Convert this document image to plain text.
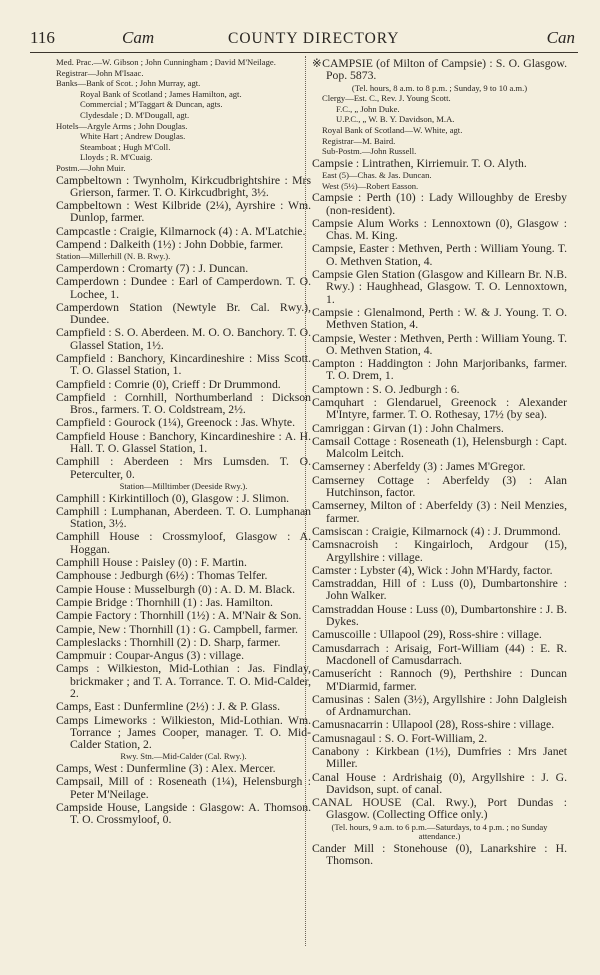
116	Cam	COUNTY DIRECTORY	Can

Med. Prac.—W. Gibson ; John Cunningham ; David M'Neilage.

Registrar—John M'Isaac.

Banks—Bank of Scot. ; John Murray, agt.

Royal Bank of Scotland ; James Hamilton, agt.

Commercial ; M'Taggart & Duncan, agts.

Clydesdale ; D. M'Dougall, agt.

Hotels—Argyle Arms ; John Douglas.

White Hart ; Andrew Douglas.

Steamboat ; Hugh M'Coll.

Lloyds ; R. M'Cuaig.

Postm.—John Muir.

Campbeltown : Twynholm, Kirkcudbrightshire : Mrs Grierson, farmer. T. O. Kirkcudbright, 3½.

Campbeltown : West Kilbride (2¼), Ayrshire : Wm. Dunlop, farmer.

Campcastle : Craigie, Kilmarnock (4) : A. M'Latchie.

Campend : Dalkeith (1½) : John Dobbie, farmer.

Station—Millerhill (N. B. Rwy.).

Camperdown : Cromarty (7) : J. Duncan.

Camperdown : Dundee : Earl of Camperdown. T. O. Lochee, 1.

Camperdown Station (Newtyle Br. Cal. Rwy.), Dundee.

Campfield : S. O. Aberdeen. M. O. O. Banchory. T. O. Glassel Station, 1½.

Campfield : Banchory, Kincardineshire : Miss Scott. T. O. Glassel Station, 1.

Campfield : Comrie (0), Crieff : Dr Drummond.

Campfield : Cornhill, Northumberland : Dickson Bros., farmers. T. O. Coldstream, 2½.

Campfield : Gourock (1¼), Greenock : Jas. Whyte.

Campfield House : Banchory, Kincardineshire : A. H. Hall. T. O. Glassel Station, 1.

Camphill : Aberdeen : Mrs Lumsden. T. O. Peterculter, 0.

Station—Milltimber (Deeside Rwy.).

Camphill : Kirkintilloch (0), Glasgow : J. Slimon.

Camphill : Lumphanan, Aberdeen. T. O. Lumphanan Station, 3½.

Camphill House : Crossmyloof, Glasgow : A. Hoggan.

Camphill House : Paisley (0) : F. Martin.

Camphouse : Jedburgh (6½) : Thomas Telfer.

Campie House : Musselburgh (0) : A. D. M. Black.

Campie Bridge : Thornhill (1) : Jas. Hamilton.

Campie Factory : Thornhill (1½) : A. M'Nair & Son.

Campie, New : Thornhill (1) : G. Campbell, farmer.

Campleslacks : Thornhill (2) : D. Sharp, farmer.

Campmuir : Coupar-Angus (3) : village.

Camps : Wilkieston, Mid-Lothian : Jas. Findlay, brickmaker ; and T. A. Torrance. T. O. Mid-Calder, 2.

Camps, East : Dunfermline (2½) : J. & P. Glass.

Camps Limeworks : Wilkieston, Mid-Lothian. Wm. Torrance ; James Cooper, manager. T. O. Mid-Calder Station, 2.

Rwy. Stn.—Mid-Calder (Cal. Rwy.).

Camps, West : Dunfermline (3) : Alex. Mercer.

Campsail, Mill of : Roseneath (1¼), Helensburgh : Peter M'Neilage.

Campside House, Langside : Glasgow: A. Thomson. T. O. Crossmyloof, 0.

※CAMPSIE (of Milton of Campsie) : S. O. Glasgow. Pop. 5873.

(Tel. hours, 8 a.m. to 8 p.m. ; Sunday, 9 to 10 a.m.)

Clergy—Est. C., Rev. J. Young Scott.

F.C., „ John Duke.

U.P.C., „ W. B. Y. Davidson, M.A.

Royal Bank of Scotland—W. White, agt.

Registrar—M. Baird.

Sub-Postm.—John Russell.

Campsie : Lintrathen, Kirriemuir. T. O. Alyth.

East (5)—Chas. & Jas. Duncan.

West (5½)—Robert Easson.

Campsie : Perth (10) : Lady Willoughby de Eresby (non-resident).

Campsie Alum Works : Lennoxtown (0), Glasgow : Chas. M. King.

Campsie, Easter : Methven, Perth : William Young. T. O. Methven Station, 4.

Campsie Glen Station (Glasgow and Killearn Br. N.B. Rwy.) : Haughhead, Glasgow. T. O. Lennoxtown, 1.

Campsie : Glenalmond, Perth : W. & J. Young. T. O. Methven Station, 4.

Campsie, Wester : Methven, Perth : William Young. T. O. Methven Station, 4.

Campton : Haddington : John Marjoribanks, farmer. T. O. Drem, 1.

Camptown : S. O. Jedburgh : 6.

Camquhart : Glendaruel, Greenock : Alexander M'Intyre, farmer. T. O. Rothesay, 17½ (by sea).

Camriggan : Girvan (1) : John Chalmers.

Camsail Cottage : Roseneath (1), Helensburgh : Capt. Malcolm Leitch.

Camserney : Aberfeldy (3) : James M'Gregor.

Camserney Cottage : Aberfeldy (3) : Alan Hutchinson, factor.

Camserney, Milton of : Aberfeldy (3) : Neil Menzies, farmer.

Camsiscan : Craigie, Kilmarnock (4) : J. Drummond.

Camsnacroish : Kingairloch, Ardgour (15), Argyllshire : village.

Camster : Lybster (4), Wick : John M'Hardy, factor.

Camstraddan, Hill of : Luss (0), Dumbartonshire : John Walker.

Camstraddan House : Luss (0), Dumbartonshire : J. B. Dykes.

Camuscoille : Ullapool (29), Ross-shire : village.

Camusdarrach : Arisaig, Fort-William (44) : E. R. Macdonell of Camusdarrach.

Camuserícht : Rannoch (9), Perthshire : Duncan M'Diarmid, farmer.

Camusinas : Salen (3½), Argyllshire : John Dalgleish of Ardnamurchan.

Camusnacarrin : Ullapool (28), Ross-shire : village.

Camusnagaul : S. O. Fort-William, 2.

Canabony : Kirkbean (1½), Dumfries : Mrs Janet Miller.

Canal House : Ardrishaig (0), Argyllshire : J. G. Davidson, supt. of canal.

CANAL HOUSE (Cal. Rwy.), Port Dundas : Glasgow. (Collecting Office only.)

(Tel. hours, 9 a.m. to 6 p.m.—Saturdays, to 4 p.m. ; no Sunday attendance.)

Cander Mill : Stonehouse (0), Lanarkshire : H. Thomson.
